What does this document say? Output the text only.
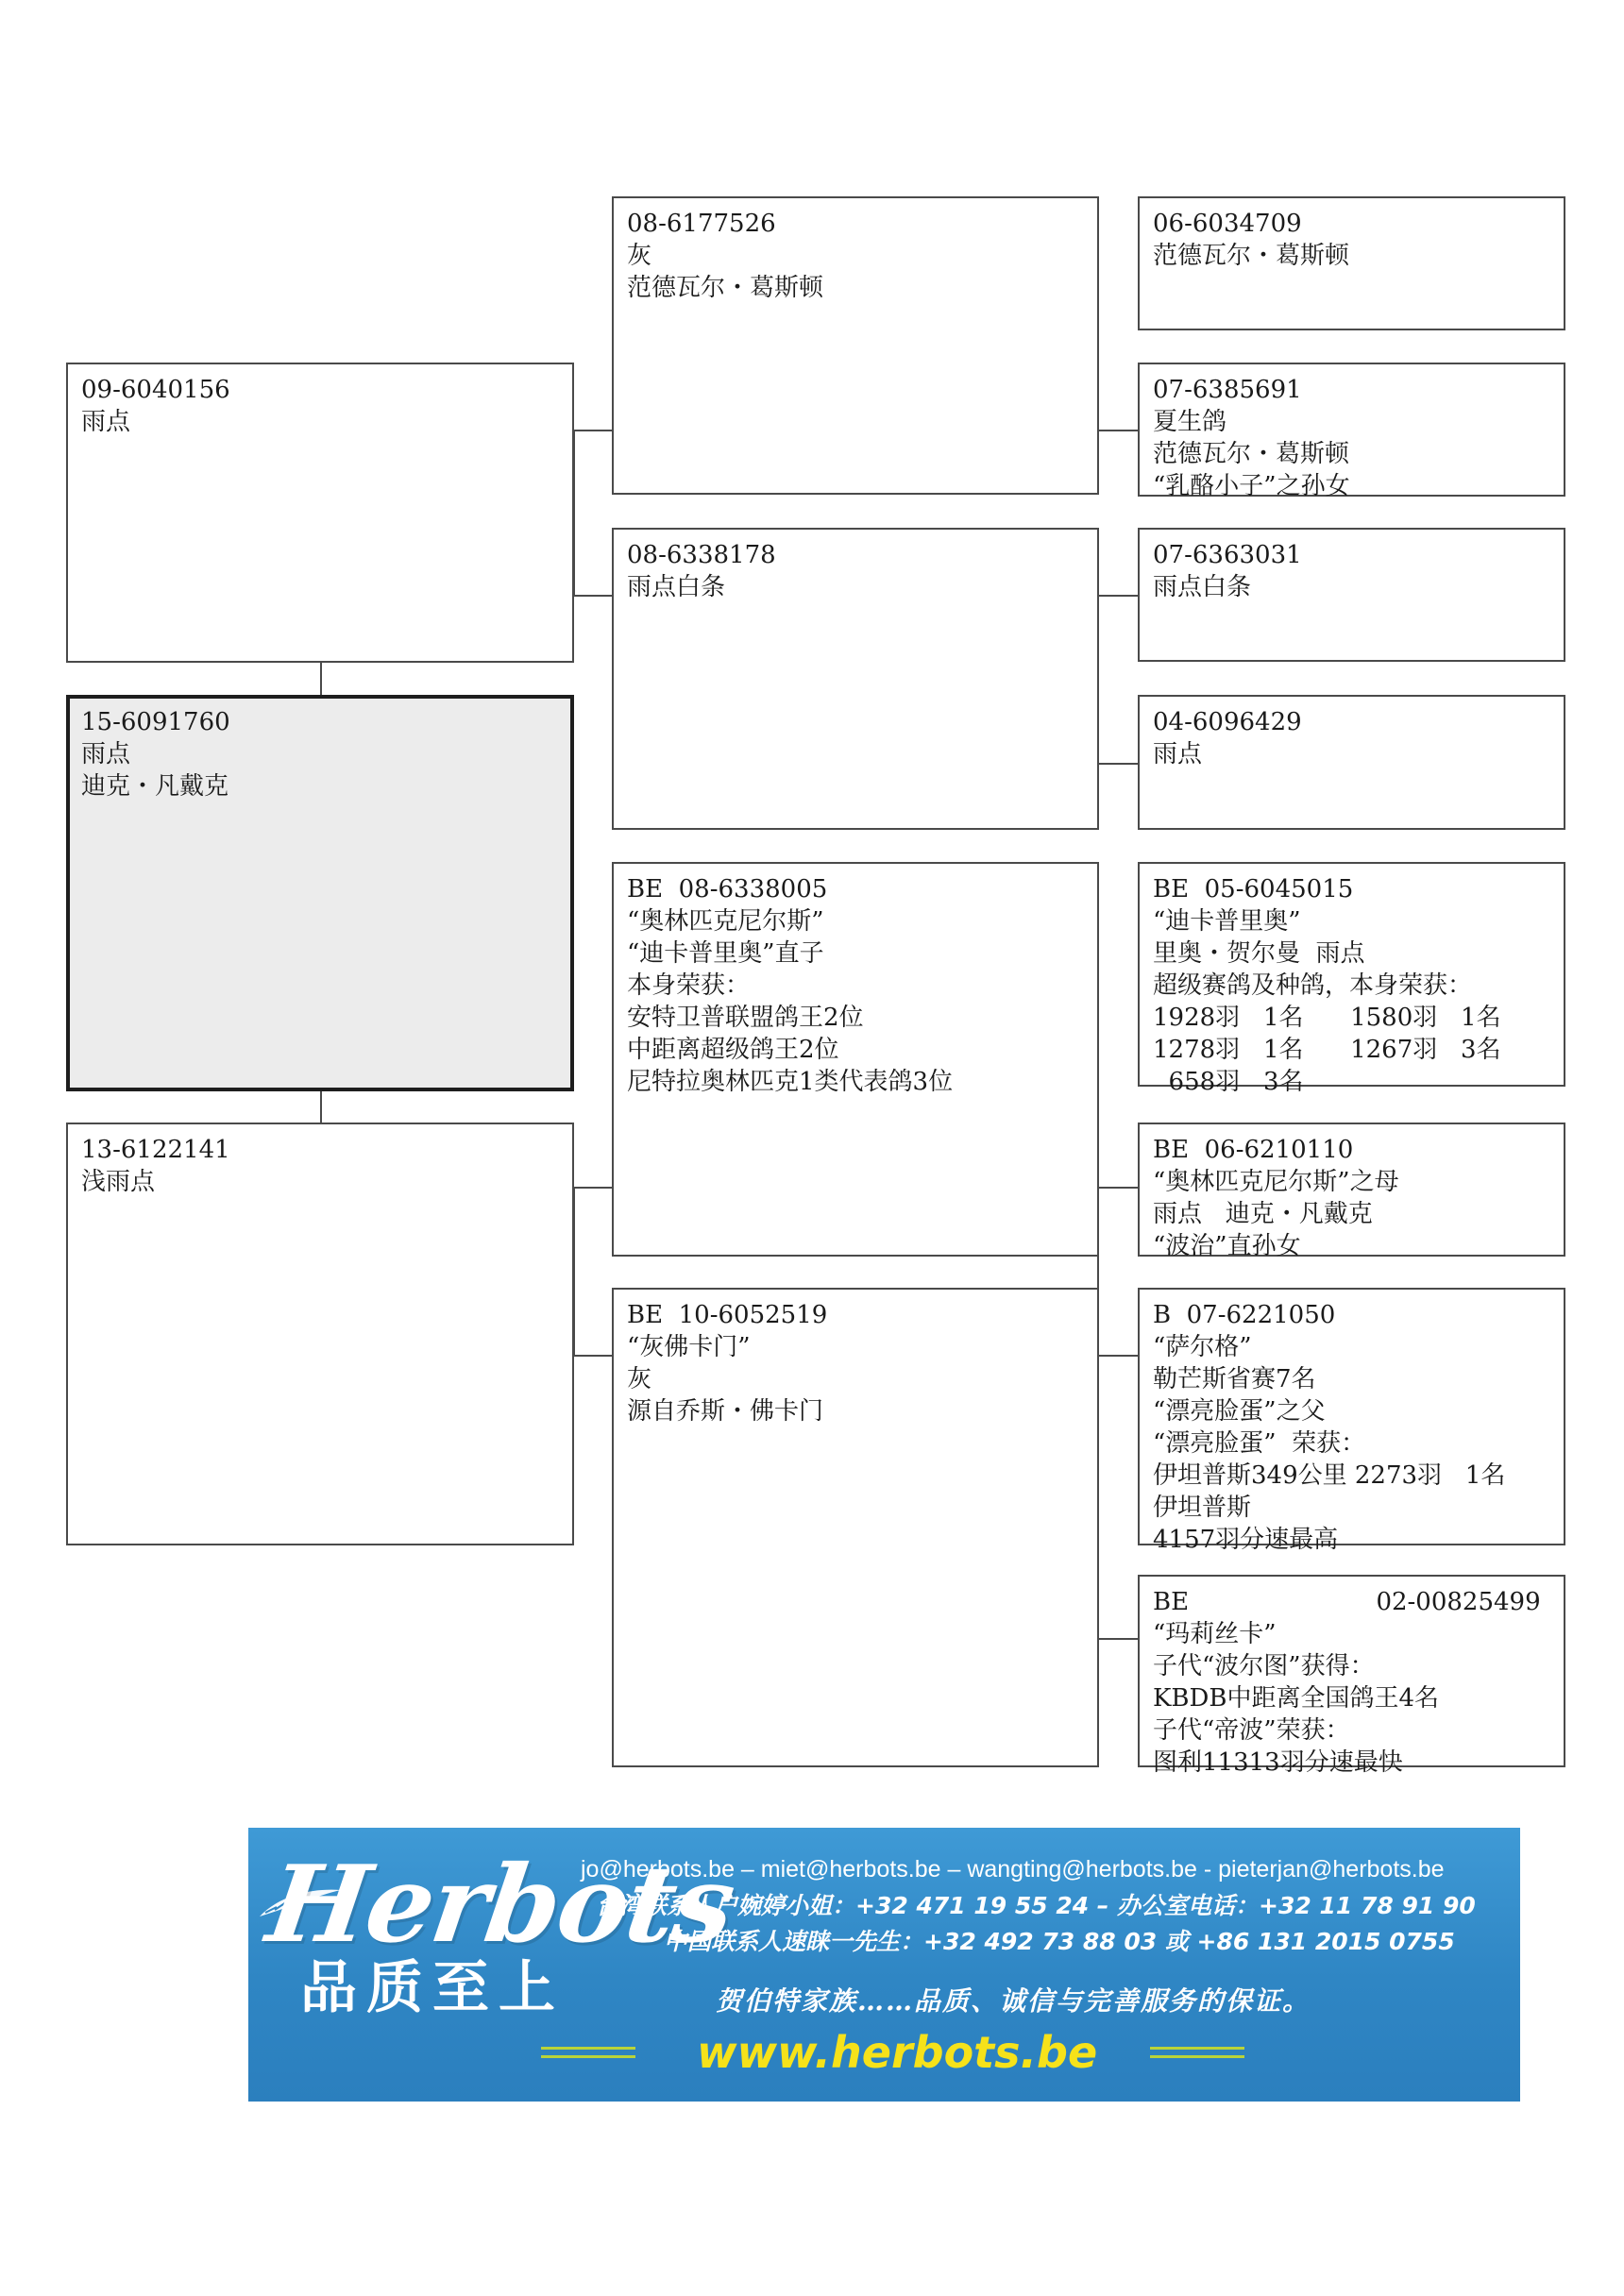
09-6040156
雨点
15-6091760
雨点
迪克・凡戴克
13-6122141
浅雨点
08-6177526
灰
范德瓦尔・葛斯顿
08-6338178
雨点白条
BE  08-6338005
“奥林匹克尼尔斯”
“迪卡普里奥”直子
本身荣获：
安特卫普联盟鸽王2位
中距离超级鸽王2位
尼特拉奥林匹克1类代表鸽3位
BE  10-6052519
“灰佛卡门”
灰
源自乔斯・佛卡门
06-6034709
范德瓦尔・葛斯顿
07-6385691
夏生鸽
范德瓦尔・葛斯顿
“乳酪小子”之孙女
07-6363031
雨点白条
04-6096429
雨点
BE  05-6045015
“迪卡普里奥”
里奥・贺尔曼  雨点
超级赛鸽及种鸽，本身荣获：
1928羽   1名      1580羽   1名
1278羽   1名      1267羽   3名
658羽   3名
BE  06-6210110
“奥林匹克尼尔斯”之母
雨点   迪克・凡戴克
“波治”直孙女
B  07-6221050
“萨尔格”
勒芒斯省赛7名
“漂亮脸蛋”之父
“漂亮脸蛋”  荣获：
伊坦普斯349公里 2273羽   1名
伊坦普斯
4157羽分速最高
BE                        02-00825499
“玛莉丝卡”
子代“波尔图”获得：
KBDB中距离全国鸽王4名
子代“帝波”荣获：
图利11313羽分速最快
Herbots
品质至上
jo@herbots.be – miet@herbots.be – wangting@herbots.be - pieterjan@herbots.be
台湾联系人户婉婷小姐：+32 471 19 55 24 – 办公室电话：+32 11 78 91 90
中国联系人速睐一先生：+32 492 73 88 03 或 +86 131 2015 0755
贺伯特家族……品质、诚信与完善服务的保证。
www.herbots.be
